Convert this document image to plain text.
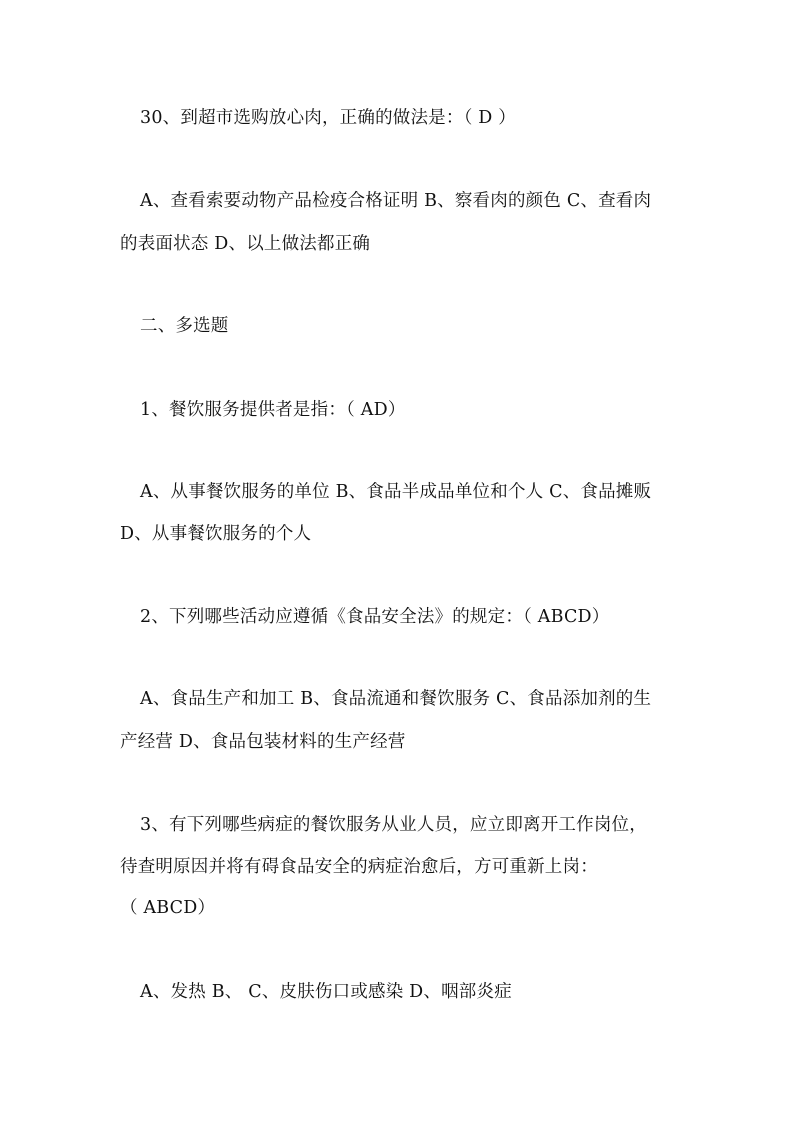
30、到超市选购放心肉，正确的做法是：（ D ）
A、查看索要动物产品检疫合格证明 B、察看肉的颜色 C、查看肉
的表面状态 D、以上做法都正确
二、多选题
1、餐饮服务提供者是指：（ AD）
A、从事餐饮服务的单位 B、食品半成品单位和个人 C、食品摊贩
D、从事餐饮服务的个人
2、下列哪些活动应遵循《食品安全法》的规定：（ ABCD）
A、食品生产和加工 B、食品流通和餐饮服务 C、食品添加剂的生
产经营 D、食品包装材料的生产经营
3、有下列哪些病症的餐饮服务从业人员，应立即离开工作岗位，
待查明原因并将有碍食品安全的病症治愈后，方可重新上岗：
（ ABCD）
A、发热 B、 C、皮肤伤口或感染 D、咽部炎症
